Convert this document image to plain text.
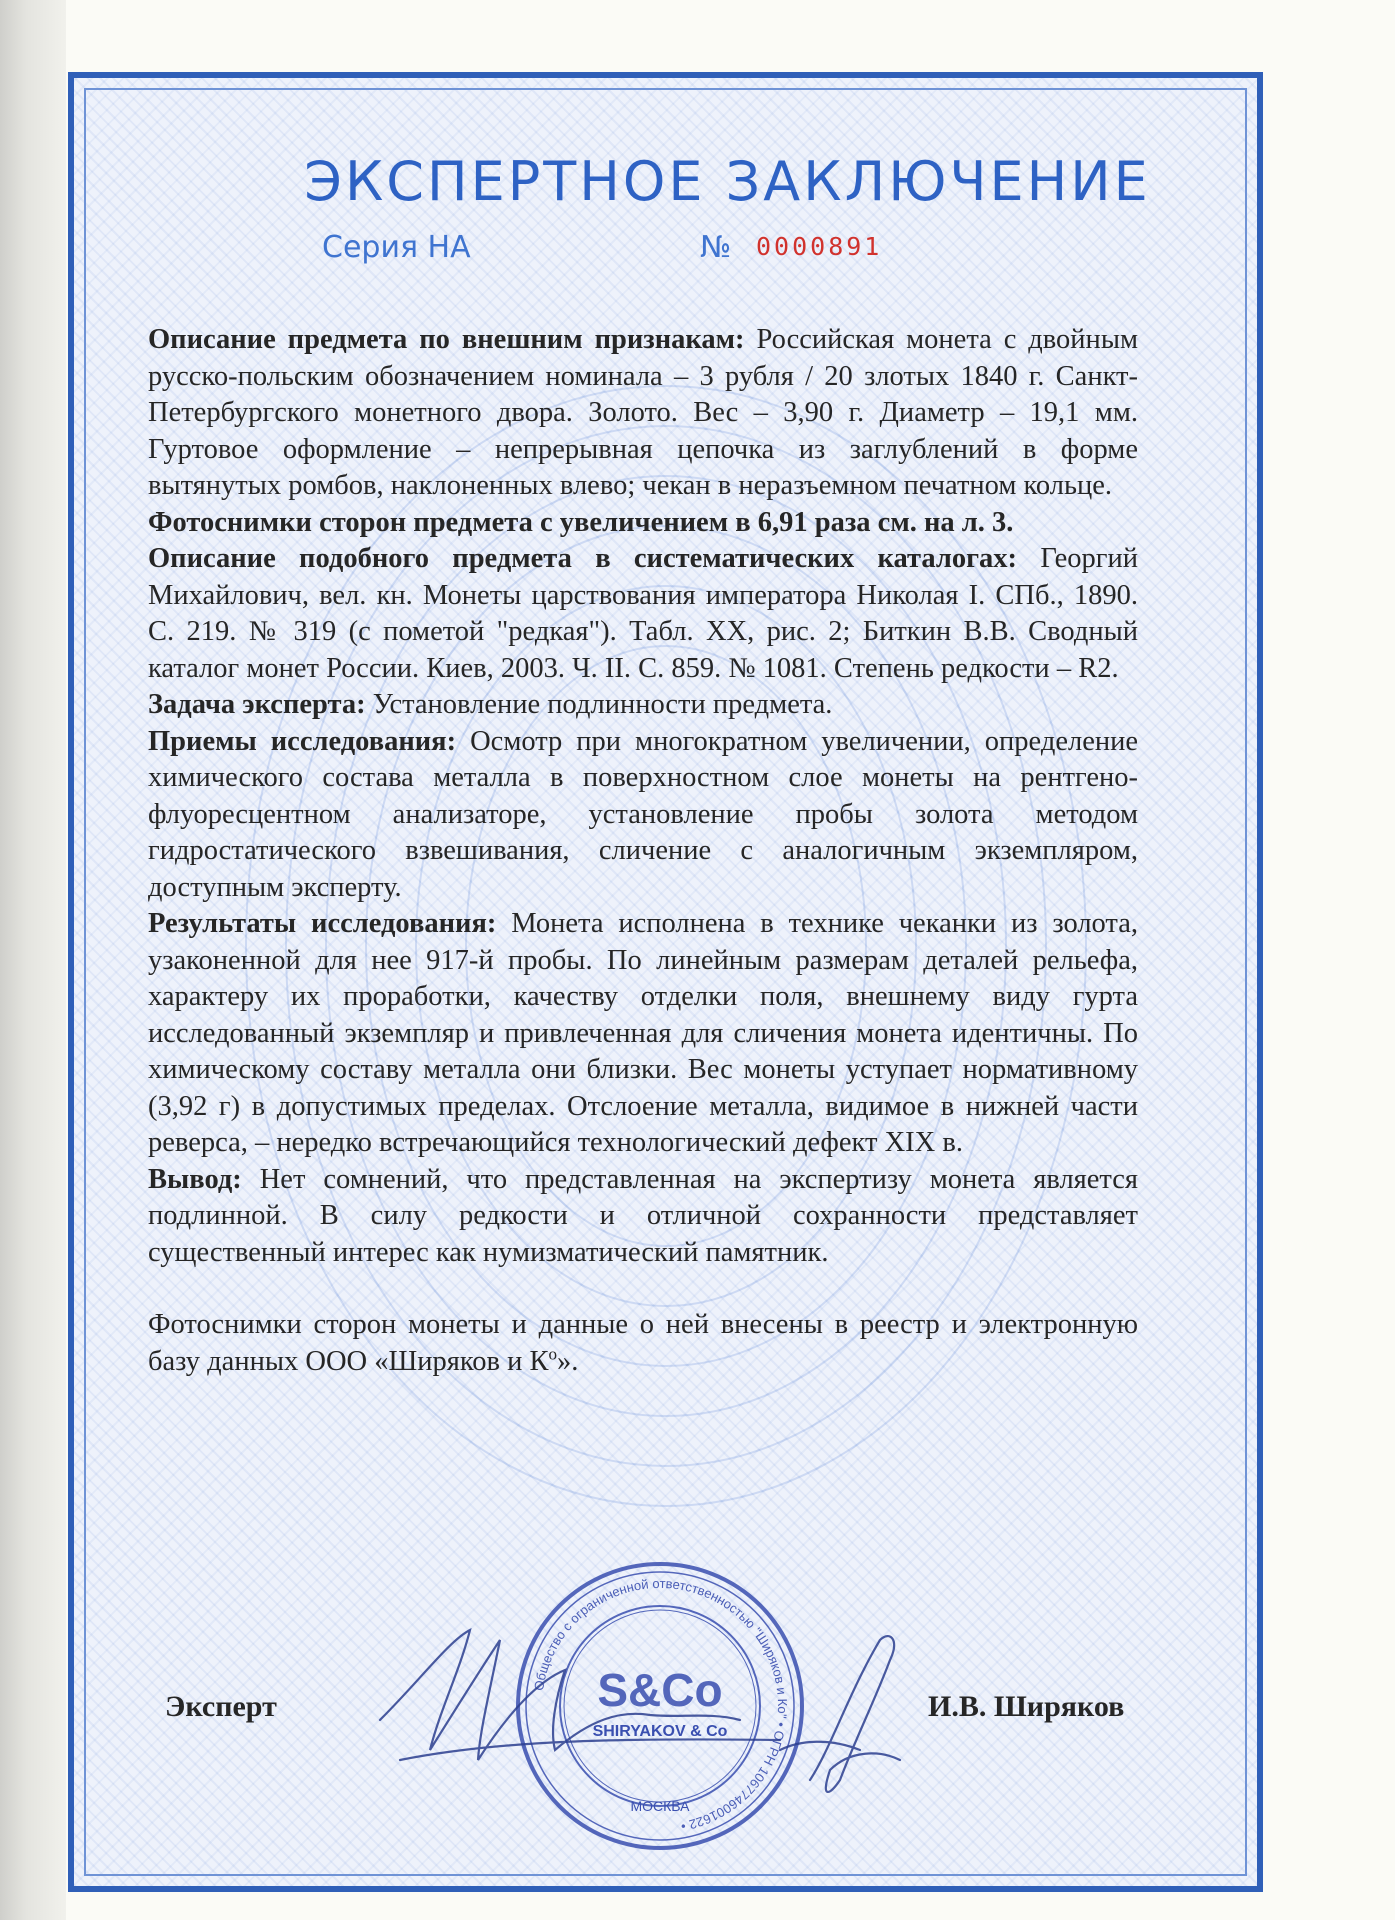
ЭКСПЕРТНОЕ ЗАКЛЮЧЕНИЕ
Серия НА	№ 0000891

Описание предмета по внешним признакам: Российская монета с двойным русско-польским обозначением номинала – 3 рубля / 20 злотых 1840 г. Санкт-Петербургского монетного двора. Золото. Вес – 3,90 г. Диаметр – 19,1 мм. Гуртовое оформление – непрерывная цепочка из заглублений в форме вытянутых ромбов, наклоненных влево; чекан в неразъемном печатном кольце.

Фотоснимки сторон предмета с увеличением в 6,91 раза см. на л. 3.

Описание подобного предмета в систематических каталогах: Георгий Михайлович, вел. кн. Монеты царствования императора Николая I. СПб., 1890. С. 219. № 319 (с пометой "редкая"). Табл. XX, рис. 2; Биткин В.В. Сводный каталог монет России. Киев, 2003. Ч. II. С. 859. № 1081. Степень редкости – R2.

Задача эксперта: Установление подлинности предмета.

Приемы исследования: Осмотр при многократном увеличении, определение химического состава металла в поверхностном слое монеты на рентгено-флуоресцентном анализаторе, установление пробы золота методом гидростатического взвешивания, сличение с аналогичным экземпляром, доступным эксперту.

Результаты исследования: Монета исполнена в технике чеканки из золота, узаконенной для нее 917-й пробы. По линейным размерам деталей рельефа, характеру их проработки, качеству отделки поля, внешнему виду гурта исследованный экземпляр и привлеченная для сличения монета идентичны. По химическому составу металла они близки. Вес монеты уступает нормативному (3,92 г) в допустимых пределах. Отслоение металла, видимое в нижней части реверса, – нередко встречающийся технологический дефект XIX в.

Вывод: Нет сомнений, что представленная на экспертизу монета является подлинной. В силу редкости и отличной сохранности представляет существенный интерес как нумизматический памятник.

Фотоснимки сторон монеты и данные о ней внесены в реестр и электронную базу данных ООО «Ширяков и $К^о$».

Эксперт	И.В. Ширяков
Общество с ограниченной ответственностью "Ширяков и Ко" • ОГРН 1067746001622 •
МОСКВА
S&Co
SHIRYAKOV & Co
